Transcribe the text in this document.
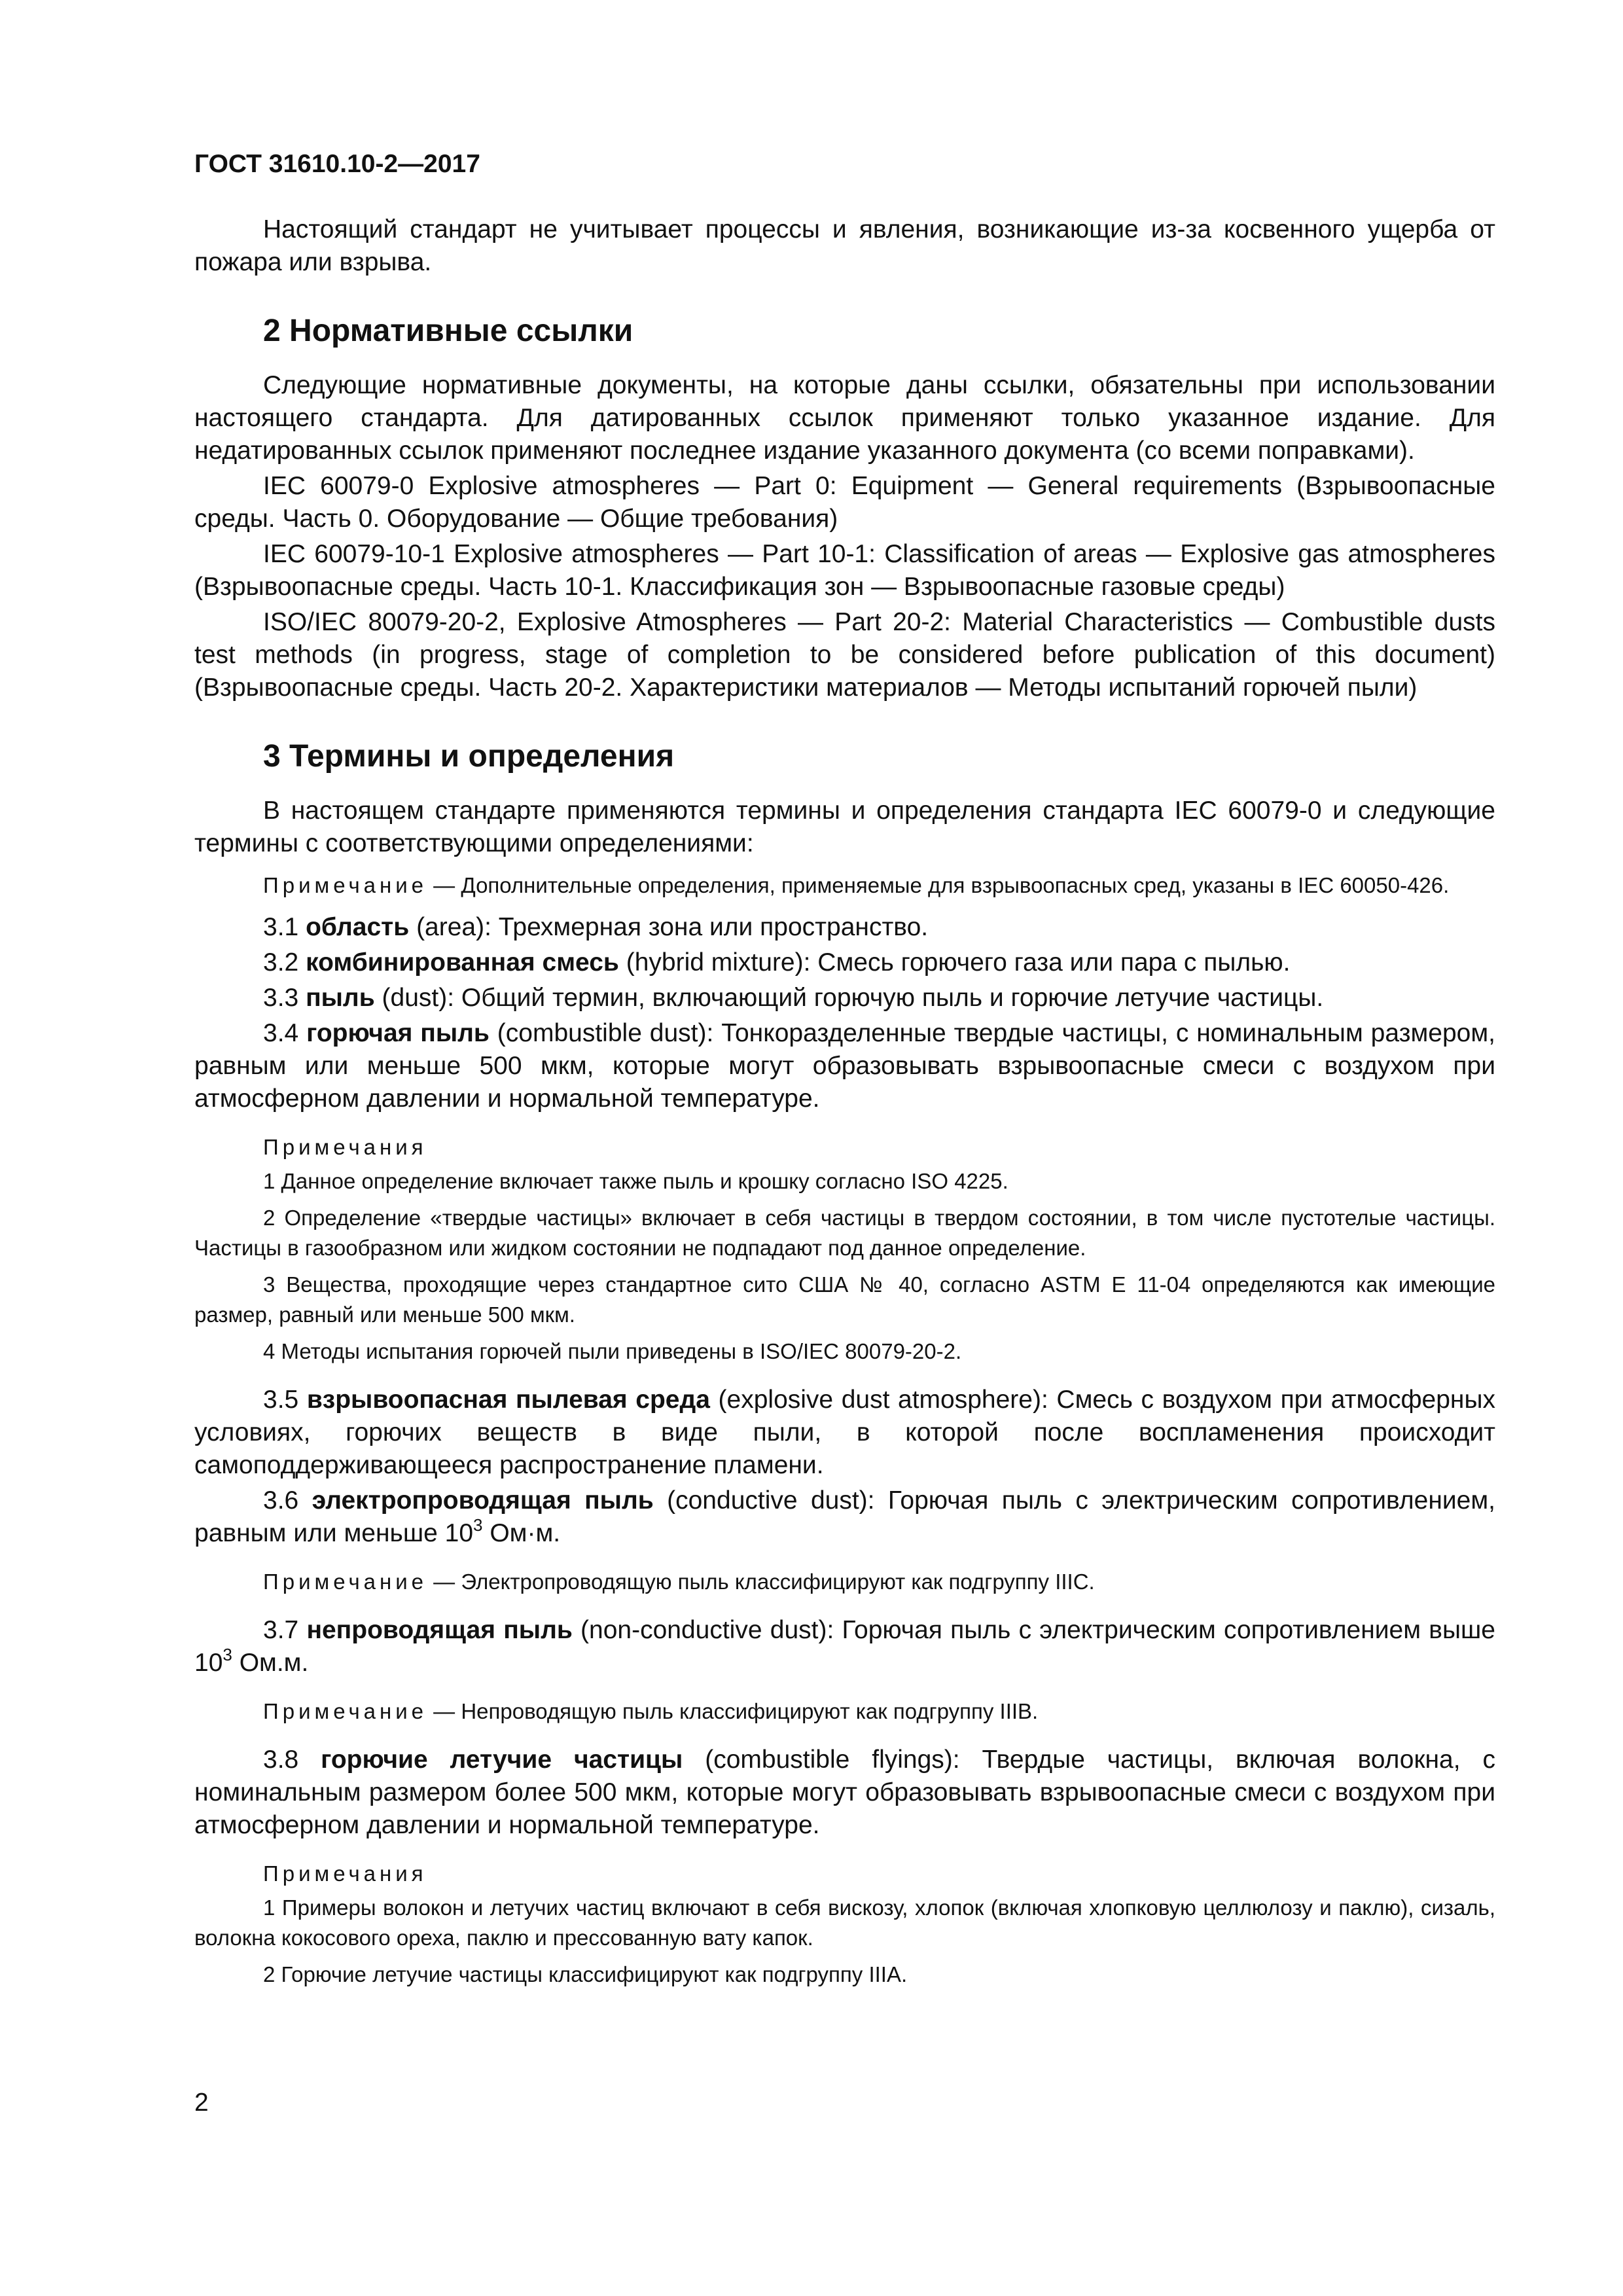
ГОСТ 31610.10-2—2017

Настоящий стандарт не учитывает процессы и явления, возникающие из-за косвенного ущерба от пожара или взрыва.

2 Нормативные ссылки

Следующие нормативные документы, на которые даны ссылки, обязательны при использовании настоящего стандарта. Для датированных ссылок применяют только указанное издание. Для недатированных ссылок применяют последнее издание указанного документа (со всеми поправками).

IEC 60079-0 Explosive atmospheres — Part 0: Equipment — General requirements (Взрывоопасные среды. Часть 0. Оборудование — Общие требования)

IEC 60079-10-1 Explosive atmospheres — Part 10-1: Classification of areas — Explosive gas atmospheres (Взрывоопасные среды. Часть 10-1. Классификация зон — Взрывоопасные газовые среды)

ISO/IEC 80079-20-2, Explosive Atmospheres — Part 20-2: Material Characteristics — Combustible dusts test methods (in progress, stage of completion to be considered before publication of this document) (Взрывоопасные среды. Часть 20-2. Характеристики материалов — Методы испытаний горючей пыли)

3 Термины и определения

В настоящем стандарте применяются термины и определения стандарта IEC 60079-0 и следующие термины с соответствующими определениями:

Примечание — Дополнительные определения, применяемые для взрывоопасных сред, указаны в IEC 60050-426.

3.1 область (area): Трехмерная зона или пространство.

3.2 комбинированная смесь (hybrid mixture): Смесь горючего газа или пара с пылью.

3.3 пыль (dust): Общий термин, включающий горючую пыль и горючие летучие частицы.

3.4 горючая пыль (combustible dust): Тонкоразделенные твердые частицы, с номинальным размером, равным или меньше 500 мкм, которые могут образовывать взрывоопасные смеси с воздухом при атмосферном давлении и нормальной температуре.

Примечания

1 Данное определение включает также пыль и крошку согласно ISO 4225.

2 Определение «твердые частицы» включает в себя частицы в твердом состоянии, в том числе пустотелые частицы. Частицы в газообразном или жидком состоянии не подпадают под данное определение.

3 Вещества, проходящие через стандартное сито США № 40, согласно ASTM E 11-04 определяются как имеющие размер, равный или меньше 500 мкм.

4 Методы испытания горючей пыли приведены в ISO/IEC 80079-20-2.

3.5 взрывоопасная пылевая среда (explosive dust atmosphere): Смесь с воздухом при атмосферных условиях, горючих веществ в виде пыли, в которой после воспламенения происходит самоподдерживающееся распространение пламени.

3.6 электропроводящая пыль (conductive dust): Горючая пыль с электрическим сопротивлением, равным или меньше $10^3$ Ом·м.

Примечание — Электропроводящую пыль классифицируют как подгруппу IIIC.

3.7 непроводящая пыль (non-conductive dust): Горючая пыль с электрическим сопротивлением выше $10^3$ Ом.м.

Примечание — Непроводящую пыль классифицируют как подгруппу IIIB.

3.8 горючие летучие частицы (combustible flyings): Твердые частицы, включая волокна, с номинальным размером более 500 мкм, которые могут образовывать взрывоопасные смеси с воздухом при атмосферном давлении и нормальной температуре.

Примечания

1 Примеры волокон и летучих частиц включают в себя вискозу, хлопок (включая хлопковую целлюлозу и паклю), сизаль, волокна кокосового ореха, паклю и прессованную вату капок.

2 Горючие летучие частицы классифицируют как подгруппу IIIA.

2
